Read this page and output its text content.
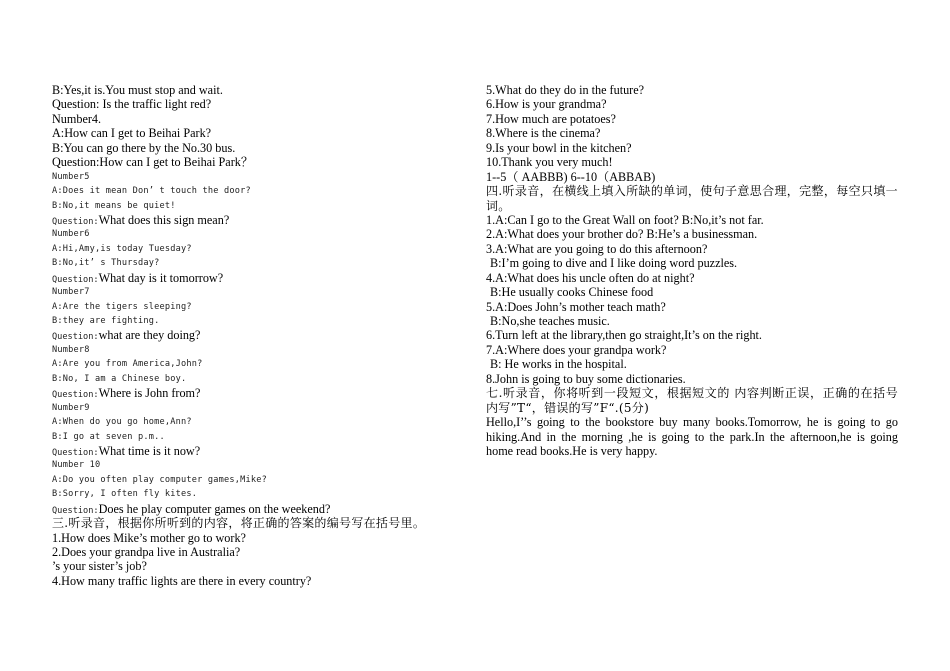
B:Yes,it is.You must stop and wait.
Question: Is the traffic light red?
Number4.
A:How can I get to Beihai Park?
B:You can go there by the No.30 bus.
Question:How can I get to Beihai Park？
Number5
A:Does it mean Don’ t touch the door?
B:No,it means be quiet!
Question:What does this sign mean?
Number6
A:Hi,Amy,is today Tuesday?
B:No,it’ s Thursday?
Question:What day is it tomorrow?
Number7
A:Are the tigers sleeping?
B:they are fighting.
Question:what are they doing?
Number8
A:Are you from America,John?
B:No, I am a Chinese boy.
Question:Where is John from?
Number9
A:When do you go home,Ann?
B:I go at seven p.m..
Question:What time is it now?
Number 10
A:Do you often play computer games,Mike?
B:Sorry, I often fly kites.
Question:Does he play computer games on the weekend?
三.听录音，根据你所听到的内容，将正确的答案的编号写在括号里。
1.How does Mike’s mother go to work?
2.Does your grandpa live in Australia?
’s your sister’s job?
4.How many traffic lights are there in every country?
5.What do they do in the future?
6.How is your grandma?
7.How much are potatoes?
8.Where is the cinema?
9.Is your bowl in the kitchen?
10.Thank you very much!
1--5（ AABBB) 6--10（ABBAB)
四.听录音，在横线上填入所缺的单词，使句子意思合理，完整，每空只填一词。
1.A:Can I go to the Great Wall on foot? B:No,it’s not far.
2.A:What does your brother do? B:He’s a businessman.
3.A:What are you going to do this afternoon?
B:I’m going to dive and I like doing word puzzles.
4.A:What does his uncle often do at night?
B:He usually cooks Chinese food
5.A:Does John’s mother teach math?
B:No,she teaches music.
6.Turn left at the library,then go straight,It’s on the right.
7.A:Where does your grandpa work?
B: He works in the hospital.
8.John is going to buy some dictionaries.
七.听录音，你将听到一段短文，根据短文的 内容判断正误，正确的在括号内写”T“，错误的写”F“.(5分)
Hello,I’’s going to the bookstore buy many books.Tomorrow, he is going to go hiking.And in the morning ,he is going to the park.In the afternoon,he is going home read books.He is very happy.
